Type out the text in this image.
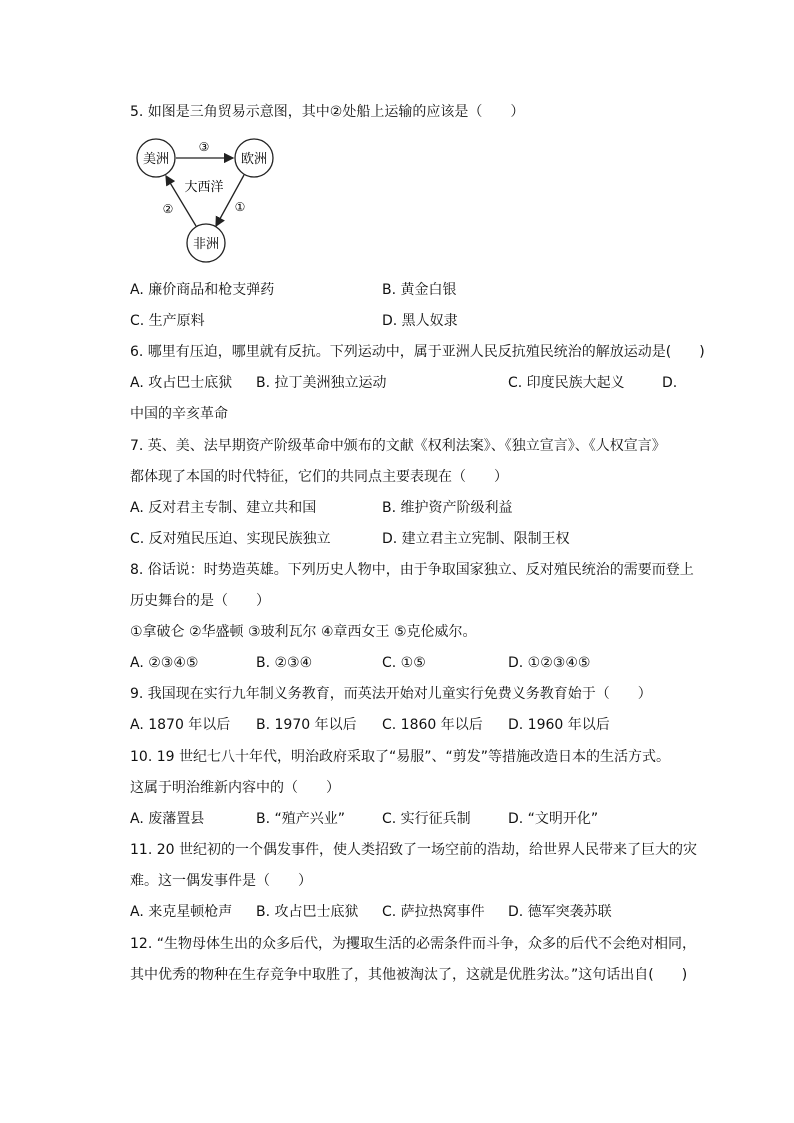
5. 如图是三角贸易示意图，其中②处船上运输的应该是（　　）
美洲	欧洲
非洲
③
大西洋
②	①
A. 廉价商品和枪支弹药	B. 黄金白银
C. 生产原料	D. 黑人奴隶
6. 哪里有压迫，哪里就有反抗。下列运动中，属于亚洲人民反抗殖民统治的解放运动是(　　)
A. 攻占巴士底狱 B. 拉丁美洲独立运动	C. 印度民族大起义	D.
中国的辛亥革命
7. 英、美、法早期资产阶级革命中颁布的文献《权利法案》、《独立宣言》、《人权宣言》
都体现了本国的时代特征，它们的共同点主要表现在（　　）
A. 反对君主专制、建立共和国	B. 维护资产阶级利益
C. 反对殖民压迫、实现民族独立	D. 建立君主立宪制、限制王权
8. 俗话说：时势造英雄。下列历史人物中，由于争取国家独立、反对殖民统治的需要而登上
历史舞台的是（　　）
①拿破仑 ②华盛顿 ③玻利瓦尔 ④章西女王 ⑤克伦威尔。
A. ②③④⑤	B. ②③④	C. ①⑤	D. ①②③④⑤
9. 我国现在实行九年制义务教育，而英法开始对儿童实行免费义务教育始于（　　）
A. 1870 年以后 B. 1970 年以后 C. 1860 年以后 D. 1960 年以后
10. 19 世纪七八十年代，明治政府采取了“易服”、“剪发”等措施改造日本的生活方式。
这属于明治维新内容中的（　　）
A. 废藩置县	B. “殖产兴业”	C. 实行征兵制	D. “文明开化”
11. 20 世纪初的一个偶发事件，使人类招致了一场空前的浩劫，给世界人民带来了巨大的灾
难。这一偶发事件是（　　）
A. 来克星顿枪声 B. 攻占巴士底狱 C. 萨拉热窝事件 D. 德军突袭苏联
12. “生物母体生出的众多后代，为攫取生活的必需条件而斗争，众多的后代不会绝对相同，
其中优秀的物种在生存竞争中取胜了，其他被淘汰了，这就是优胜劣汰。”这句话出自(　　)
